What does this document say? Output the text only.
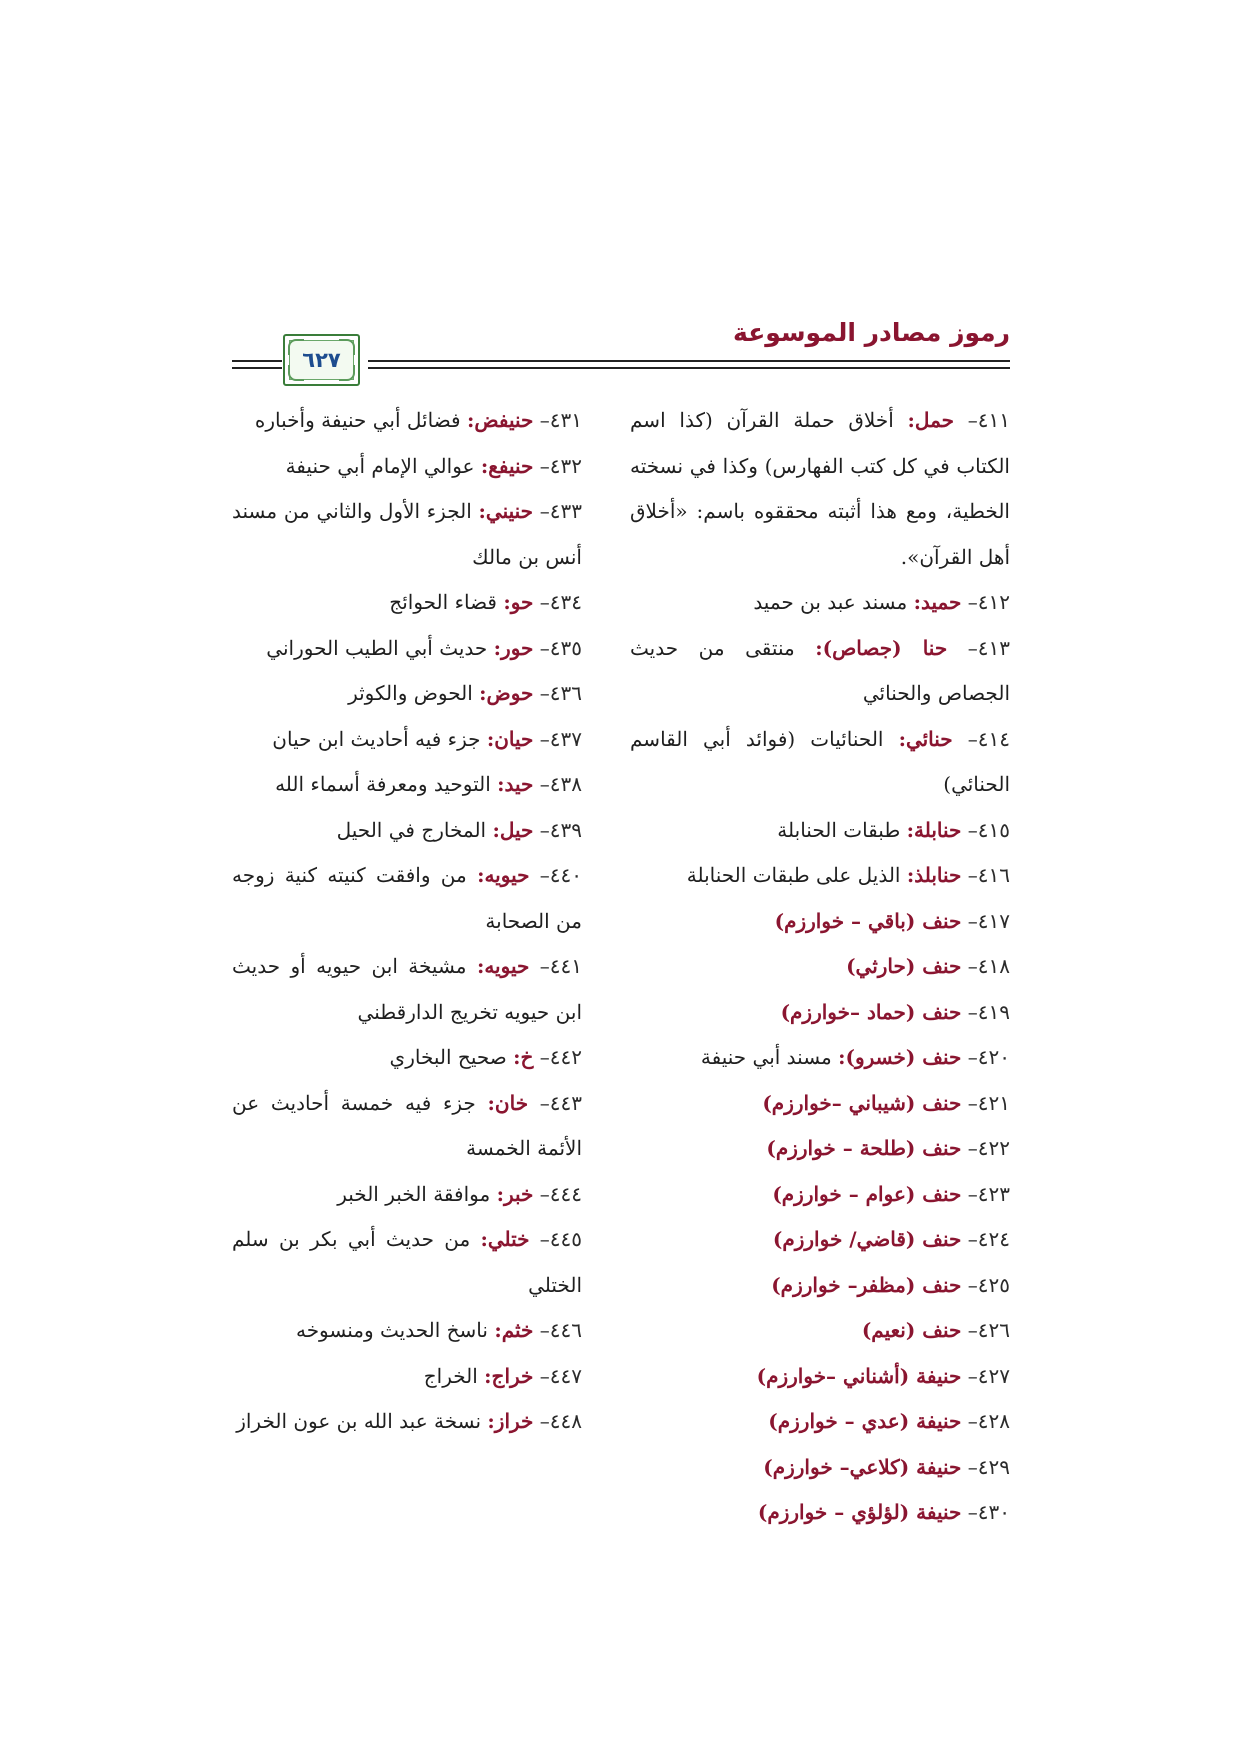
رموز مصادر الموسوعة
٦٢٧

٤١١– حمل: أخلاق حملة القرآن (كذا اسم الكتاب في كل كتب الفهارس) وكذا في نسخته الخطية، ومع هذا أثبته محققوه باسم: «أخلاق أهل القرآن».

٤١٢– حميد: مسند عبد بن حميد

٤١٣– حنا (جصاص): منتقى من حديث الجصاص والحنائي

٤١٤– حنائي: الحنائيات (فوائد أبي القاسم الحنائي)

٤١٥– حنابلة: طبقات الحنابلة

٤١٦– حنابلذ: الذيل على طبقات الحنابلة

٤١٧– حنف (باقي – خوارزم)

٤١٨– حنف (حارثي)

٤١٩– حنف (حماد –خوارزم)

٤٢٠– حنف (خسرو): مسند أبي حنيفة

٤٢١– حنف (شيباني –خوارزم)

٤٢٢– حنف (طلحة – خوارزم)

٤٢٣– حنف (عوام – خوارزم)

٤٢٤– حنف (قاضي/ خوارزم)

٤٢٥– حنف (مظفر– خوارزم)

٤٢٦– حنف (نعيم)

٤٢٧– حنيفة (أشناني –خوارزم)

٤٢٨– حنيفة (عدي – خوارزم)

٤٢٩– حنيفة (كلاعي– خوارزم)

٤٣٠– حنيفة (لؤلؤي – خوارزم)

٤٣١– حنيفض: فضائل أبي حنيفة وأخباره

٤٣٢– حنيفع: عوالي الإمام أبي حنيفة

٤٣٣– حنيني: الجزء الأول والثاني من مسند أنس بن مالك

٤٣٤– حو: قضاء الحوائج

٤٣٥– حور: حديث أبي الطيب الحوراني

٤٣٦– حوض: الحوض والكوثر

٤٣٧– حيان: جزء فيه أحاديث ابن حيان

٤٣٨– حيد: التوحيد ومعرفة أسماء الله

٤٣٩– حيل: المخارج في الحيل

٤٤٠– حيويه: من وافقت كنيته كنية زوجه من الصحابة

٤٤١– حيويه: مشيخة ابن حيويه أو حديث ابن حيويه تخريج الدارقطني

٤٤٢– خ: صحيح البخاري

٤٤٣– خان: جزء فيه خمسة أحاديث عن الأئمة الخمسة

٤٤٤– خبر: موافقة الخبر الخبر

٤٤٥– ختلي: من حديث أبي بكر بن سلم الختلي

٤٤٦– خثم: ناسخ الحديث ومنسوخه

٤٤٧– خراج: الخراج

٤٤٨– خراز: نسخة عبد الله بن عون الخراز
